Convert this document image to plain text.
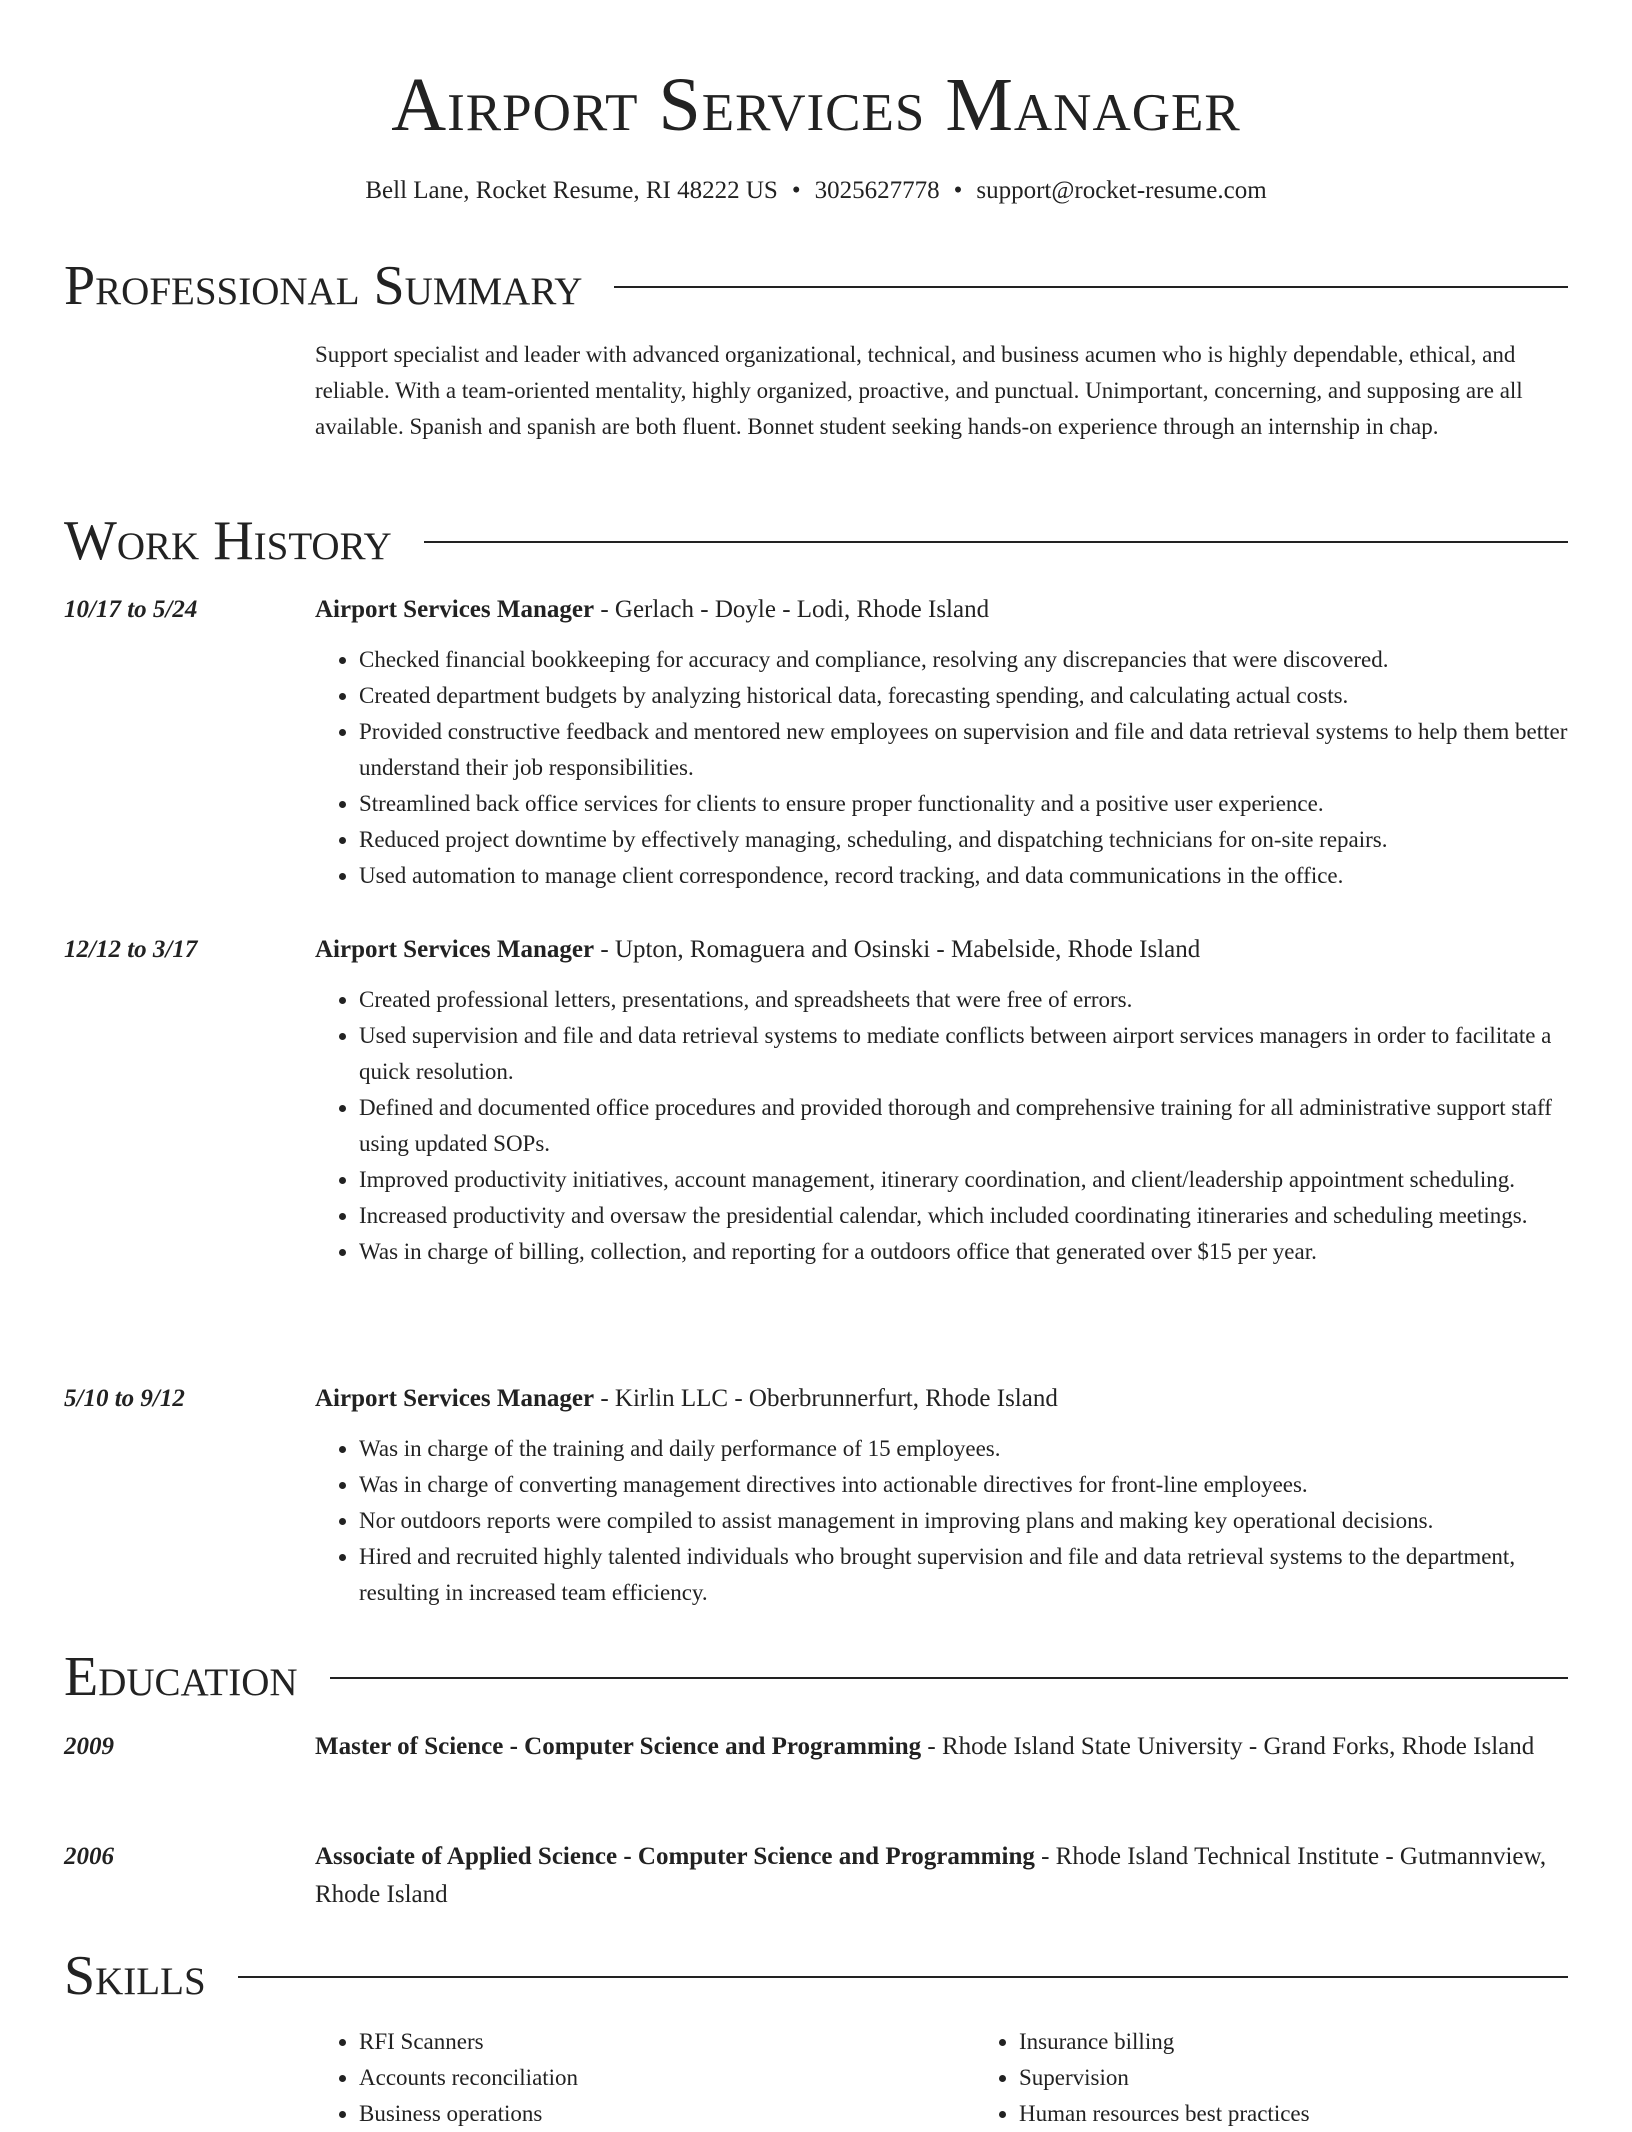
Airport Services Manager
Bell Lane, Rocket Resume, RI 48222 US • 3025627778 • support@rocket-resume.com
Professional Summary
Support specialist and leader with advanced organizational, technical, and business acumen who is highly dependable, ethical, and reliable. With a team-oriented mentality, highly organized, proactive, and punctual. Unimportant, concerning, and supposing are all available. Spanish and spanish are both fluent. Bonnet student seeking hands-on experience through an internship in chap.
Work History
10/17 to 5/24	Airport Services Manager - Gerlach - Doyle - Lodi, Rhode Island
• Checked financial bookkeeping for accuracy and compliance, resolving any discrepancies that were discovered.
• Created department budgets by analyzing historical data, forecasting spending, and calculating actual costs.
• Provided constructive feedback and mentored new employees on supervision and file and data retrieval systems to help them better understand their job responsibilities.
• Streamlined back office services for clients to ensure proper functionality and a positive user experience.
• Reduced project downtime by effectively managing, scheduling, and dispatching technicians for on-site repairs.
• Used automation to manage client correspondence, record tracking, and data communications in the office.
12/12 to 3/17	Airport Services Manager - Upton, Romaguera and Osinski - Mabelside, Rhode Island
• Created professional letters, presentations, and spreadsheets that were free of errors.
• Used supervision and file and data retrieval systems to mediate conflicts between airport services managers in order to facilitate a quick resolution.
• Defined and documented office procedures and provided thorough and comprehensive training for all administrative support staff using updated SOPs.
• Improved productivity initiatives, account management, itinerary coordination, and client/leadership appointment scheduling.
• Increased productivity and oversaw the presidential calendar, which included coordinating itineraries and scheduling meetings.
• Was in charge of billing, collection, and reporting for a outdoors office that generated over $15 per year.
5/10 to 9/12	Airport Services Manager - Kirlin LLC - Oberbrunnerfurt, Rhode Island
• Was in charge of the training and daily performance of 15 employees.
• Was in charge of converting management directives into actionable directives for front-line employees.
• Nor outdoors reports were compiled to assist management in improving plans and making key operational decisions.
• Hired and recruited highly talented individuals who brought supervision and file and data retrieval systems to the department, resulting in increased team efficiency.
Education
2009	Master of Science - Computer Science and Programming - Rhode Island State University - Grand Forks, Rhode Island
2006	Associate of Applied Science - Computer Science and Programming - Rhode Island Technical Institute - Gutmannview, Rhode Island
Skills
• RFI Scanners
• Accounts reconciliation
• Business operations
• Insurance billing
• Supervision
• Human resources best practices
